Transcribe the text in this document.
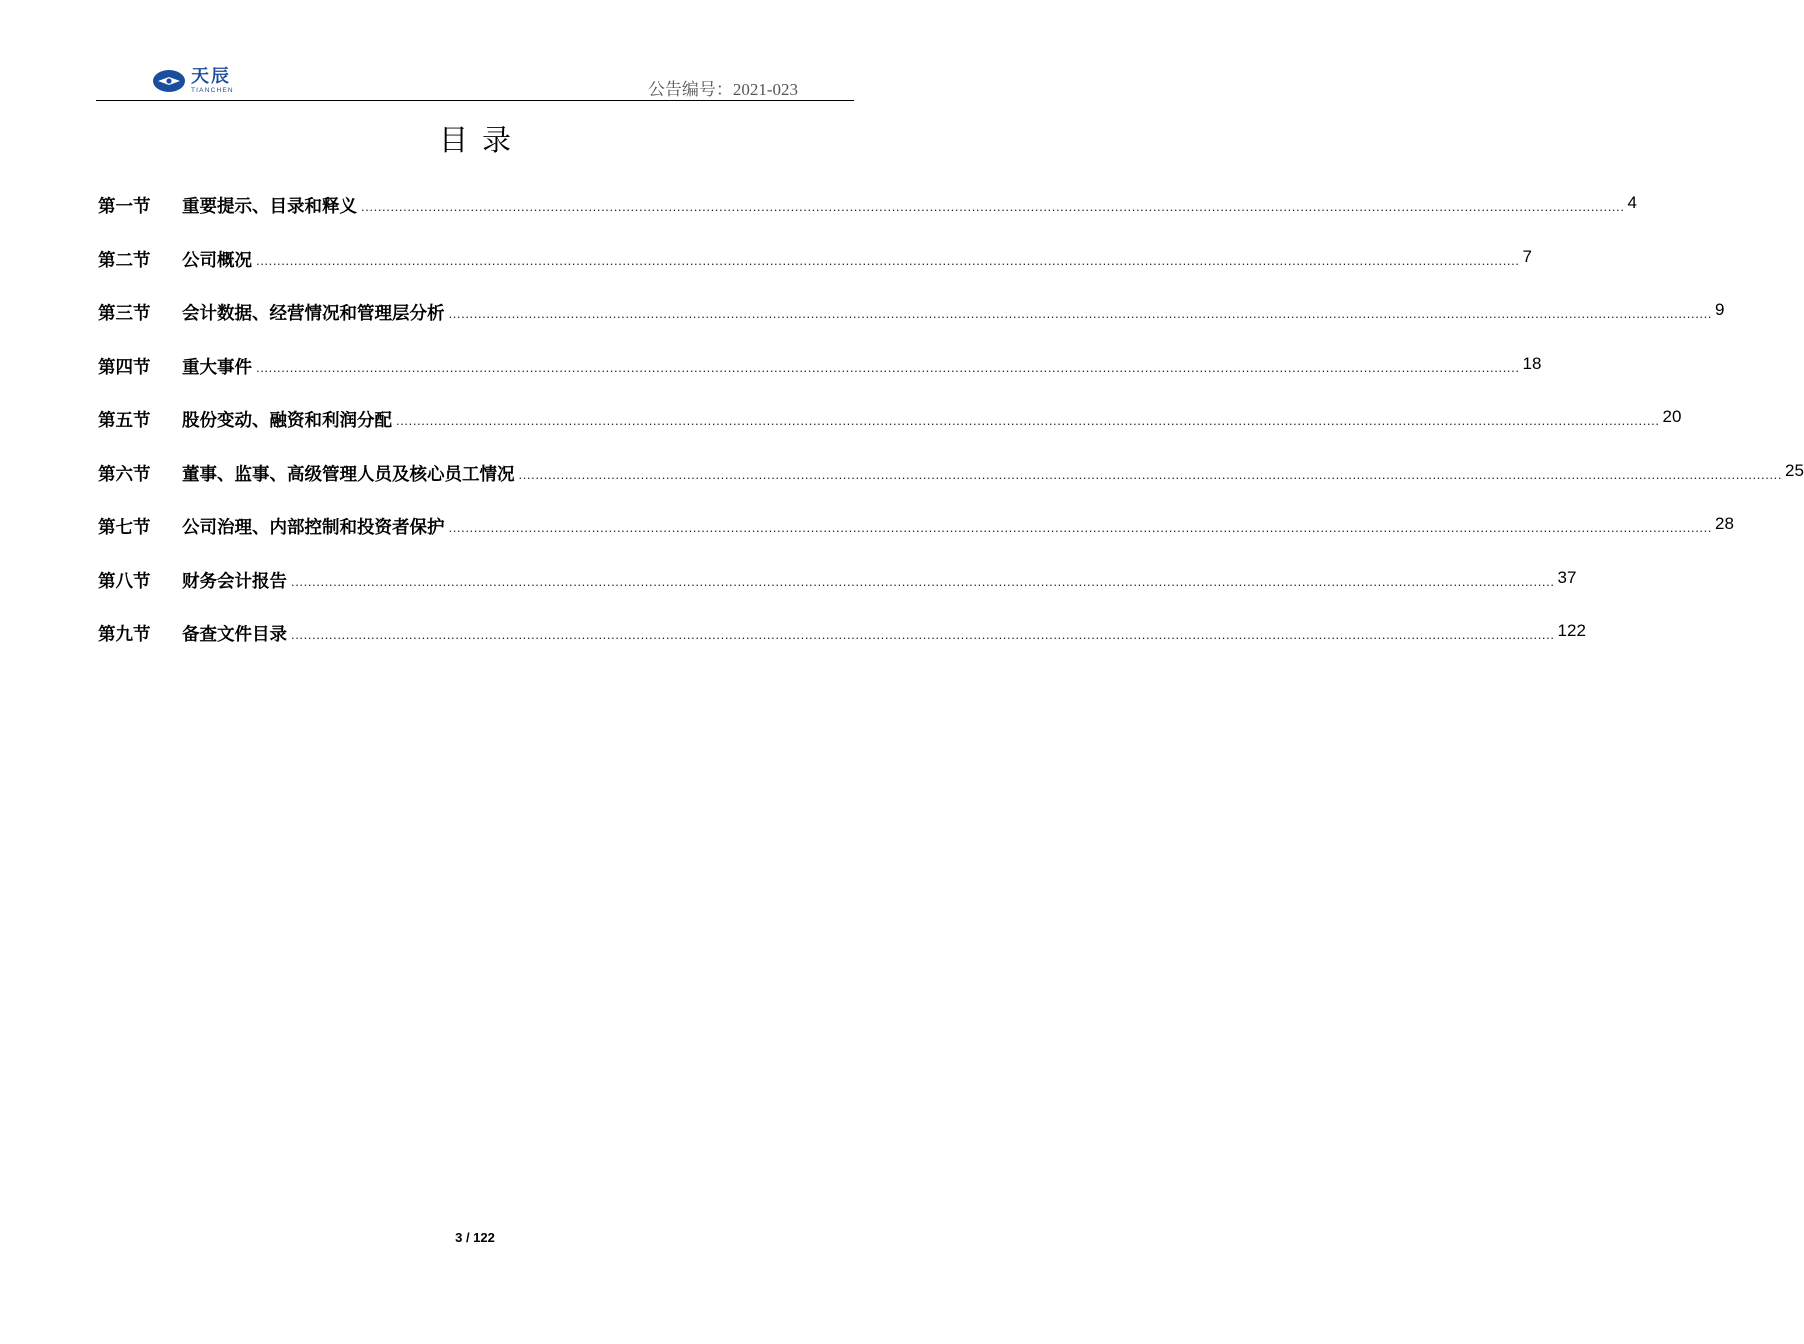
天辰
TIANCHEN	公告编号：2021-023
目录
第一节	重要提示、目录和释义 ............................................................................................................................................................................................................................................................................................................ 4
第二节	公司概况 ............................................................................................................................................................................................................................................................................................................ 7
第三节	会计数据、经营情况和管理层分析 ............................................................................................................................................................................................................................................................................................................ 9
第四节	重大事件 ............................................................................................................................................................................................................................................................................................................ 18
第五节	股份变动、融资和利润分配 ............................................................................................................................................................................................................................................................................................................ 20
第六节	董事、监事、高级管理人员及核心员工情况 ............................................................................................................................................................................................................................................................................................................ 25
第七节	公司治理、内部控制和投资者保护 ............................................................................................................................................................................................................................................................................................................ 28
第八节	财务会计报告 ............................................................................................................................................................................................................................................................................................................ 37
第九节	备查文件目录 ............................................................................................................................................................................................................................................................................................................ 122
3 / 122
